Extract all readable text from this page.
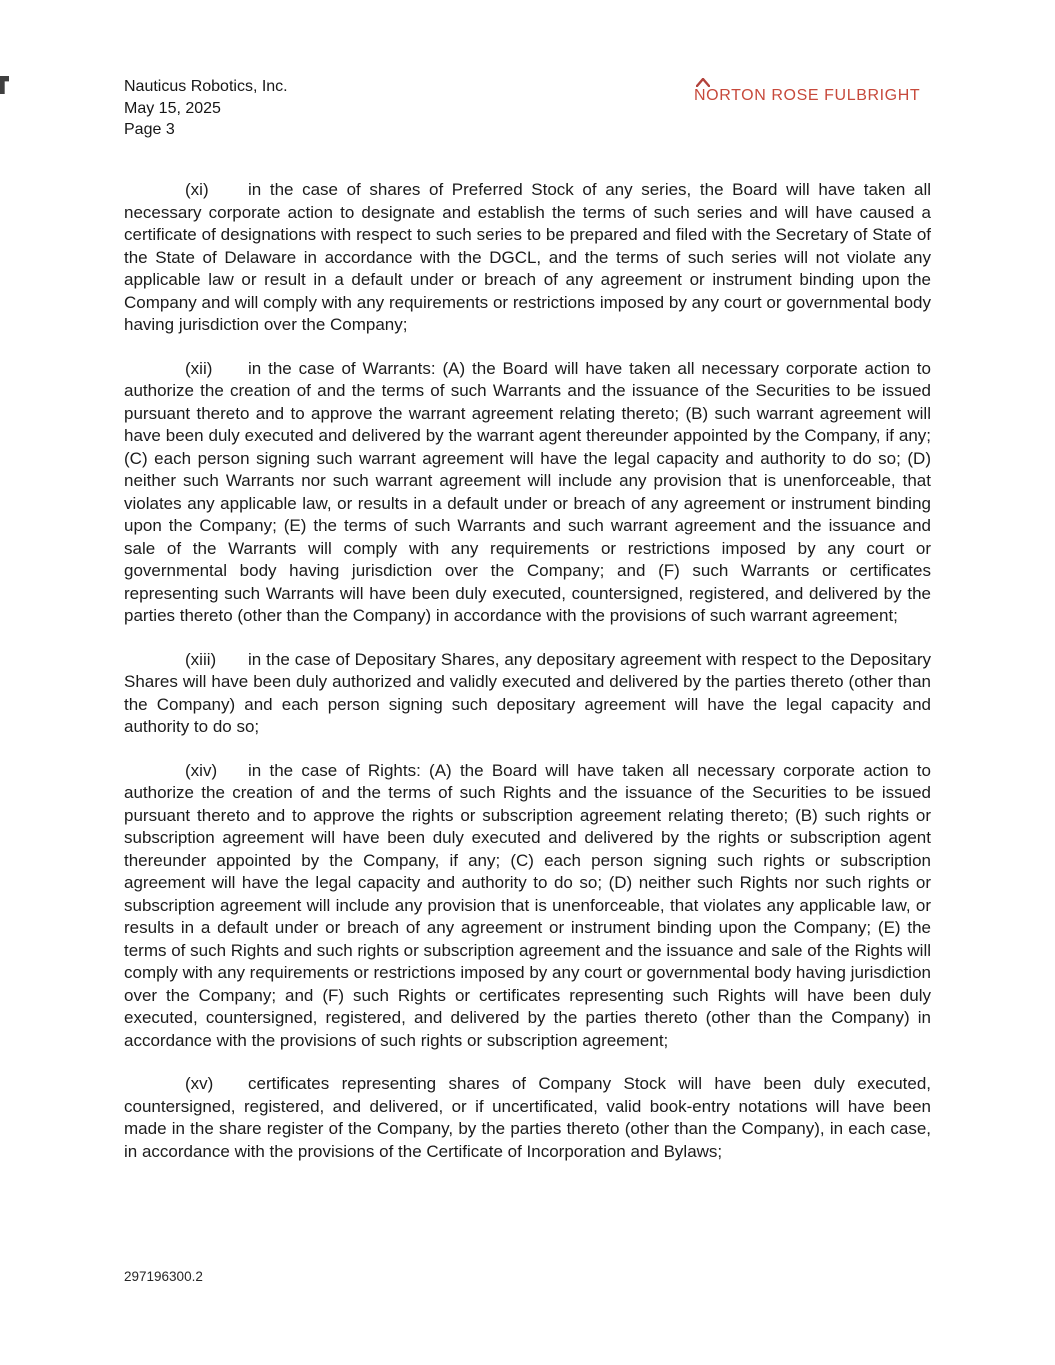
Nauticus Robotics, Inc.
May 15, 2025
Page 3
NORTON ROSE FULBRIGHT

(xi) in the case of shares of Preferred Stock of any series, the Board will have taken all necessary corporate action to designate and establish the terms of such series and will have caused a certificate of designations with respect to such series to be prepared and filed with the Secretary of State of the State of Delaware in accordance with the DGCL, and the terms of such series will not violate any applicable law or result in a default under or breach of any agreement or instrument binding upon the Company and will comply with any requirements or restrictions imposed by any court or governmental body having jurisdiction over the Company;

(xii) in the case of Warrants: (A) the Board will have taken all necessary corporate action to authorize the creation of and the terms of such Warrants and the issuance of the Securities to be issued pursuant thereto and to approve the warrant agreement relating thereto; (B) such warrant agreement will have been duly executed and delivered by the warrant agent thereunder appointed by the Company, if any; (C) each person signing such warrant agreement will have the legal capacity and authority to do so; (D) neither such Warrants nor such warrant agreement will include any provision that is unenforceable, that violates any applicable law, or results in a default under or breach of any agreement or instrument binding upon the Company; (E) the terms of such Warrants and such warrant agreement and the issuance and sale of the Warrants will comply with any requirements or restrictions imposed by any court or governmental body having jurisdiction over the Company; and (F) such Warrants or certificates representing such Warrants will have been duly executed, countersigned, registered, and delivered by the parties thereto (other than the Company) in accordance with the provisions of such warrant agreement;

(xiii) in the case of Depositary Shares, any depositary agreement with respect to the Depositary Shares will have been duly authorized and validly executed and delivered by the parties thereto (other than the Company) and each person signing such depositary agreement will have the legal capacity and authority to do so;

(xiv) in the case of Rights: (A) the Board will have taken all necessary corporate action to authorize the creation of and the terms of such Rights and the issuance of the Securities to be issued pursuant thereto and to approve the rights or subscription agreement relating thereto; (B) such rights or subscription agreement will have been duly executed and delivered by the rights or subscription agent thereunder appointed by the Company, if any; (C) each person signing such rights or subscription agreement will have the legal capacity and authority to do so; (D) neither such Rights nor such rights or subscription agreement will include any provision that is unenforceable, that violates any applicable law, or results in a default under or breach of any agreement or instrument binding upon the Company; (E) the terms of such Rights and such rights or subscription agreement and the issuance and sale of the Rights will comply with any requirements or restrictions imposed by any court or governmental body having jurisdiction over the Company; and (F) such Rights or certificates representing such Rights will have been duly executed, countersigned, registered, and delivered by the parties thereto (other than the Company) in accordance with the provisions of such rights or subscription agreement;

(xv) certificates representing shares of Company Stock will have been duly executed, countersigned, registered, and delivered, or if uncertificated, valid book-entry notations will have been made in the share register of the Company, by the parties thereto (other than the Company), in each case, in accordance with the provisions of the Certificate of Incorporation and Bylaws;

297196300.2
